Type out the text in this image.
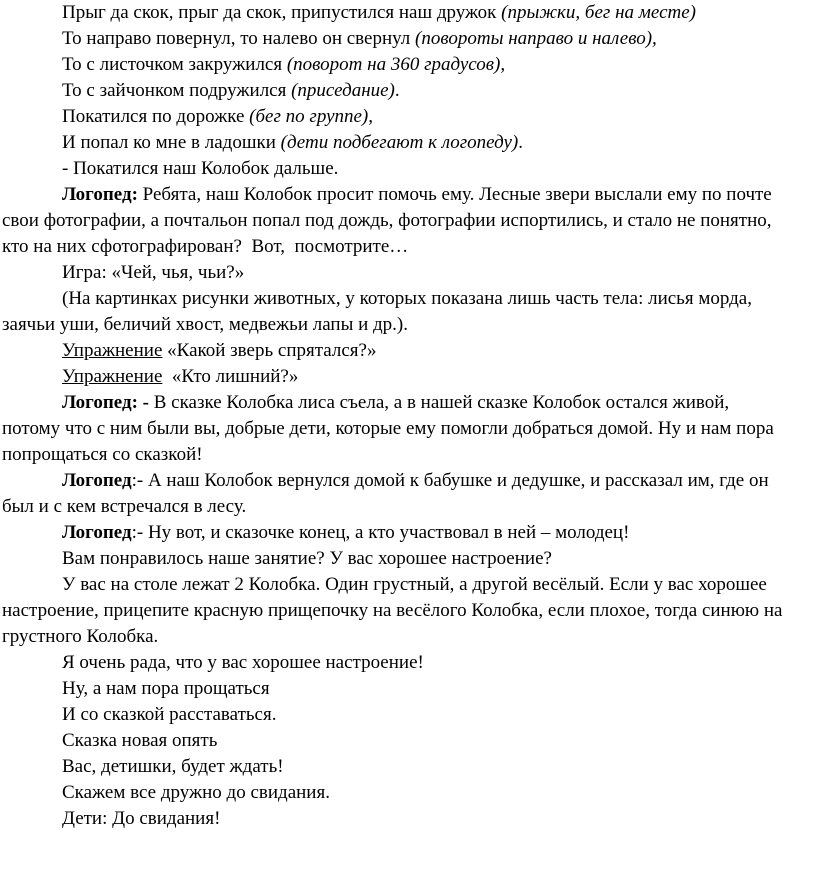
Прыг да скок, прыг да скок, припустился наш дружок (прыжки, бег на месте)
То направо повернул, то налево он свернул (повороты направо и налево),
То с листочком закружился (поворот на 360 градусов),
То с зайчонком подружился (приседание).
Покатился по дорожке (бег по группе),
И попал ко мне в ладошки (дети подбегают к логопеду).
- Покатился наш Колобок дальше.
Логопед: Ребята, наш Колобок просит помочь ему. Лесные звери выслали ему по почте
свои фотографии, а почтальон попал под дождь, фотографии испортились, и стало не понятно,
кто на них сфотографирован?  Вот,  посмотрите…
Игра: «Чей, чья, чьи?»
(На картинках рисунки животных, у которых показана лишь часть тела: лисья морда,
заячьи уши, беличий хвост, медвежьи лапы и др.).
Упражнение «Какой зверь спрятался?»
Упражнение  «Кто лишний?»
Логопед: - В сказке Колобка лиса съела, а в нашей сказке Колобок остался живой,
потому что с ним были вы, добрые дети, которые ему помогли добраться домой. Ну и нам пора
попрощаться со сказкой!
Логопед:- А наш Колобок вернулся домой к бабушке и дедушке, и рассказал им, где он
был и с кем встречался в лесу.
Логопед:- Ну вот, и сказочке конец, а кто участвовал в ней – молодец!
Вам понравилось наше занятие? У вас хорошее настроение?
У вас на столе лежат 2 Колобка. Один грустный, а другой весёлый. Если у вас хорошее
настроение, прицепите красную прищепочку на весёлого Колобка, если плохое, тогда синюю на
грустного Колобка.
Я очень рада, что у вас хорошее настроение!
Ну, а нам пора прощаться
И со сказкой расставаться.
Сказка новая опять
Вас, детишки, будет ждать!
Скажем все дружно до свидания.
Дети: До свидания!
